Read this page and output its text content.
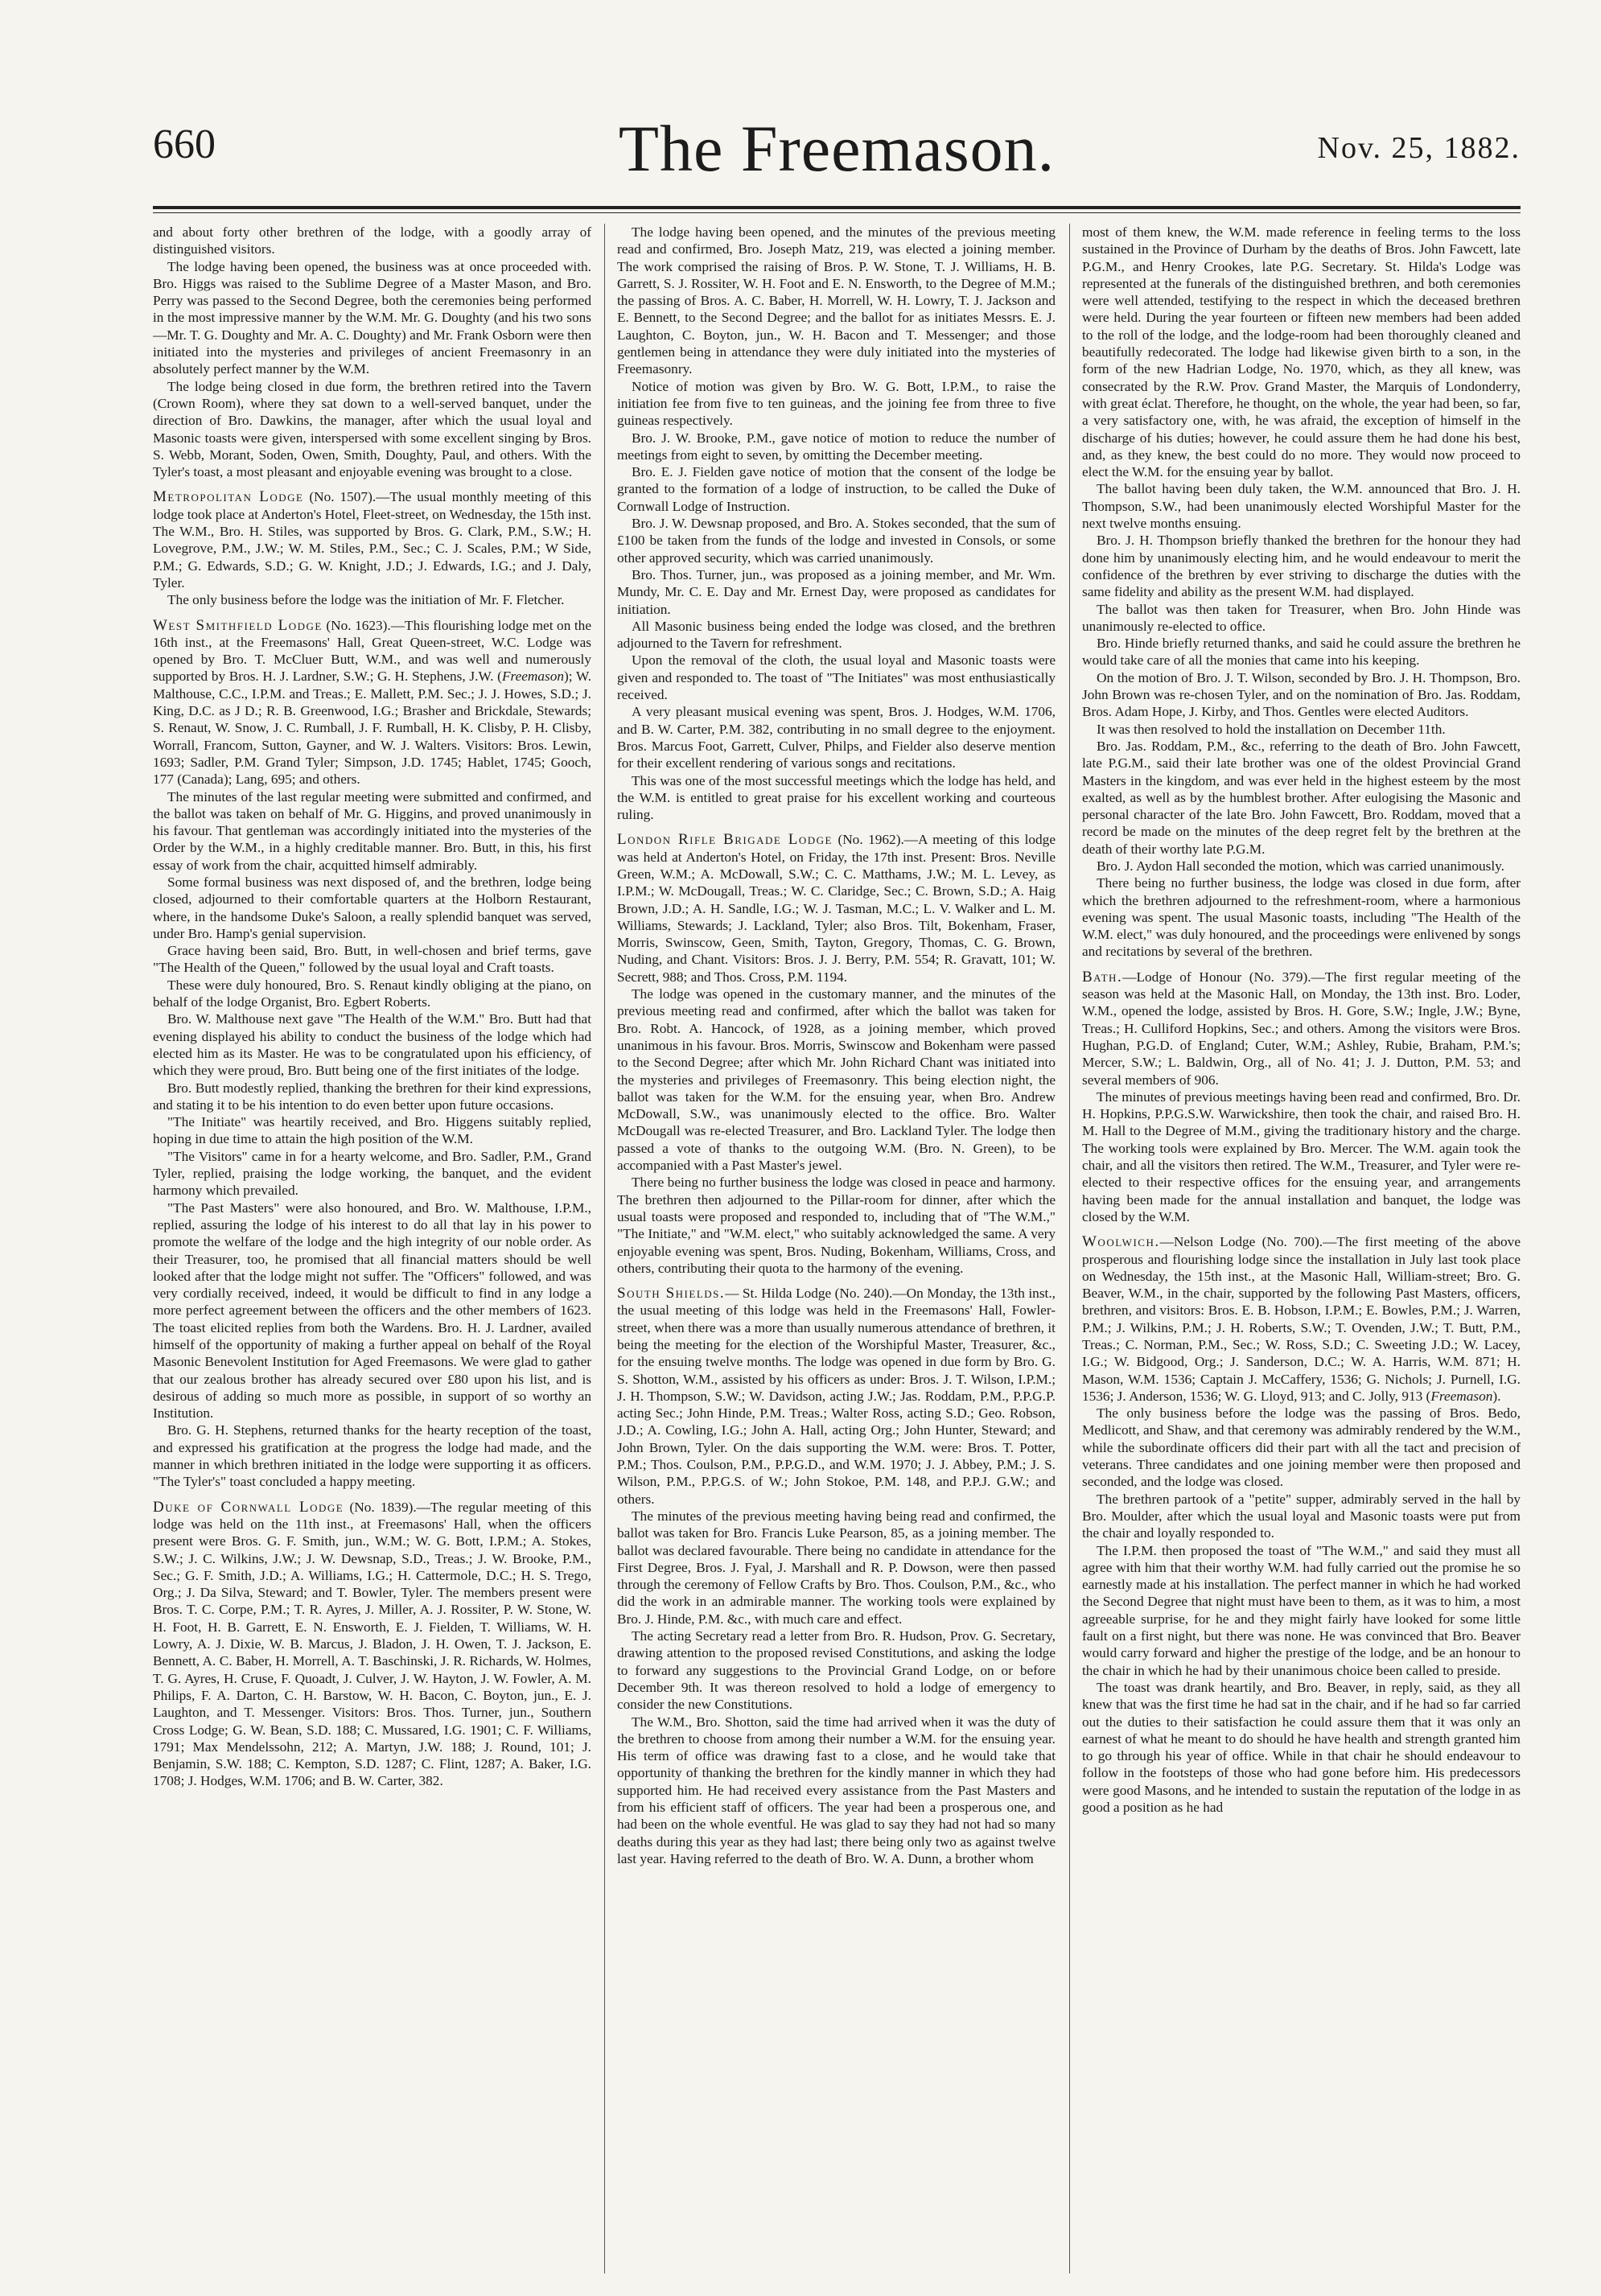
660	The Freemason.	Nov. 25, 1882.

and about forty other brethren of the lodge, with a goodly array of distinguished visitors.

The lodge having been opened, the business was at once proceeded with. Bro. Higgs was raised to the Sublime Degree of a Master Mason, and Bro. Perry was passed to the Second Degree, both the ceremonies being performed in the most impressive manner by the W.M. Mr. G. Doughty (and his two sons—Mr. T. G. Doughty and Mr. A. C. Doughty) and Mr. Frank Osborn were then initiated into the mysteries and privileges of ancient Freemasonry in an absolutely perfect manner by the W.M.

The lodge being closed in due form, the brethren retired into the Tavern (Crown Room), where they sat down to a well-served banquet, under the direction of Bro. Dawkins, the manager, after which the usual loyal and Masonic toasts were given, interspersed with some excellent singing by Bros. S. Webb, Morant, Soden, Owen, Smith, Doughty, Paul, and others. With the Tyler's toast, a most pleasant and enjoyable evening was brought to a close.

Metropolitan Lodge (No. 1507).—The usual monthly meeting of this lodge took place at Anderton's Hotel, Fleet-street, on Wednesday, the 15th inst. The W.M., Bro. H. Stiles, was supported by Bros. G. Clark, P.M., S.W.; H. Lovegrove, P.M., J.W.; W. M. Stiles, P.M., Sec.; C. J. Scales, P.M.; W Side, P.M.; G. Edwards, S.D.; G. W. Knight, J.D.; J. Edwards, I.G.; and J. Daly, Tyler.

The only business before the lodge was the initiation of Mr. F. Fletcher.

West Smithfield Lodge (No. 1623).—This flourishing lodge met on the 16th inst., at the Freemasons' Hall, Great Queen-street, W.C. Lodge was opened by Bro. T. McCluer Butt, W.M., and was well and numerously supported by Bros. H. J. Lardner, S.W.; G. H. Stephens, J.W. (Freemason); W. Malthouse, C.C., I.P.M. and Treas.; E. Mallett, P.M. Sec.; J. J. Howes, S.D.; J. King, D.C. as J D.; R. B. Greenwood, I.G.; Brasher and Brickdale, Stewards; S. Renaut, W. Snow, J. C. Rumball, J. F. Rumball, H. K. Clisby, P. H. Clisby, Worrall, Francom, Sutton, Gayner, and W. J. Walters. Visitors: Bros. Lewin, 1693; Sadler, P.M. Grand Tyler; Simpson, J.D. 1745; Hablet, 1745; Gooch, 177 (Canada); Lang, 695; and others.

The minutes of the last regular meeting were submitted and confirmed, and the ballot was taken on behalf of Mr. G. Higgins, and proved unanimously in his favour. That gentleman was accordingly initiated into the mysteries of the Order by the W.M., in a highly creditable manner. Bro. Butt, in this, his first essay of work from the chair, acquitted himself admirably.

Some formal business was next disposed of, and the brethren, lodge being closed, adjourned to their comfortable quarters at the Holborn Restaurant, where, in the handsome Duke's Saloon, a really splendid banquet was served, under Bro. Hamp's genial supervision.

Grace having been said, Bro. Butt, in well-chosen and brief terms, gave "The Health of the Queen," followed by the usual loyal and Craft toasts.

These were duly honoured, Bro. S. Renaut kindly obliging at the piano, on behalf of the lodge Organist, Bro. Egbert Roberts.

Bro. W. Malthouse next gave "The Health of the W.M." Bro. Butt had that evening displayed his ability to conduct the business of the lodge which had elected him as its Master. He was to be congratulated upon his efficiency, of which they were proud, Bro. Butt being one of the first initiates of the lodge.

Bro. Butt modestly replied, thanking the brethren for their kind expressions, and stating it to be his intention to do even better upon future occasions.

"The Initiate" was heartily received, and Bro. Higgens suitably replied, hoping in due time to attain the high position of the W.M.

"The Visitors" came in for a hearty welcome, and Bro. Sadler, P.M., Grand Tyler, replied, praising the lodge working, the banquet, and the evident harmony which prevailed.

"The Past Masters" were also honoured, and Bro. W. Malthouse, I.P.M., replied, assuring the lodge of his interest to do all that lay in his power to promote the welfare of the lodge and the high integrity of our noble order. As their Treasurer, too, he promised that all financial matters should be well looked after that the lodge might not suffer. The "Officers" followed, and was very cordially received, indeed, it would be difficult to find in any lodge a more perfect agreement between the officers and the other members of 1623. The toast elicited replies from both the Wardens. Bro. H. J. Lardner, availed himself of the opportunity of making a further appeal on behalf of the Royal Masonic Benevolent Institution for Aged Freemasons. We were glad to gather that our zealous brother has already secured over £80 upon his list, and is desirous of adding so much more as possible, in support of so worthy an Institution.

Bro. G. H. Stephens, returned thanks for the hearty reception of the toast, and expressed his gratification at the progress the lodge had made, and the manner in which brethren initiated in the lodge were supporting it as officers. "The Tyler's" toast concluded a happy meeting.

Duke of Cornwall Lodge (No. 1839).—The regular meeting of this lodge was held on the 11th inst., at Freemasons' Hall, when the officers present were Bros. G. F. Smith, jun., W.M.; W. G. Bott, I.P.M.; A. Stokes, S.W.; J. C. Wilkins, J.W.; J. W. Dewsnap, S.D., Treas.; J. W. Brooke, P.M., Sec.; G. F. Smith, J.D.; A. Williams, I.G.; H. Cattermole, D.C.; H. S. Trego, Org.; J. Da Silva, Steward; and T. Bowler, Tyler. The members present were Bros. T. C. Corpe, P.M.; T. R. Ayres, J. Miller, A. J. Rossiter, P. W. Stone, W. H. Foot, H. B. Garrett, E. N. Ensworth, E. J. Fielden, T. Williams, W. H. Lowry, A. J. Dixie, W. B. Marcus, J. Bladon, J. H. Owen, T. J. Jackson, E. Bennett, A. C. Baber, H. Morrell, A. T. Baschinski, J. R. Richards, W. Holmes, T. G. Ayres, H. Cruse, F. Quoadt, J. Culver, J. W. Hayton, J. W. Fowler, A. M. Philips, F. A. Darton, C. H. Barstow, W. H. Bacon, C. Boyton, jun., E. J. Laughton, and T. Messenger. Visitors: Bros. Thos. Turner, jun., Southern Cross Lodge; G. W. Bean, S.D. 188; C. Mussared, I.G. 1901; C. F. Williams, 1791; Max Mendelssohn, 212; A. Martyn, J.W. 188; J. Round, 101; J. Benjamin, S.W. 188; C. Kempton, S.D. 1287; C. Flint, 1287; A. Baker, I.G. 1708; J. Hodges, W.M. 1706; and B. W. Carter, 382.

The lodge having been opened, and the minutes of the previous meeting read and confirmed, Bro. Joseph Matz, 219, was elected a joining member. The work comprised the raising of Bros. P. W. Stone, T. J. Williams, H. B. Garrett, S. J. Rossiter, W. H. Foot and E. N. Ensworth, to the Degree of M.M.; the passing of Bros. A. C. Baber, H. Morrell, W. H. Lowry, T. J. Jackson and E. Bennett, to the Second Degree; and the ballot for as initiates Messrs. E. J. Laughton, C. Boyton, jun., W. H. Bacon and T. Messenger; and those gentlemen being in attendance they were duly initiated into the mysteries of Freemasonry.

Notice of motion was given by Bro. W. G. Bott, I.P.M., to raise the initiation fee from five to ten guineas, and the joining fee from three to five guineas respectively.

Bro. J. W. Brooke, P.M., gave notice of motion to reduce the number of meetings from eight to seven, by omitting the December meeting.

Bro. E. J. Fielden gave notice of motion that the consent of the lodge be granted to the formation of a lodge of instruction, to be called the Duke of Cornwall Lodge of Instruction.

Bro. J. W. Dewsnap proposed, and Bro. A. Stokes seconded, that the sum of £100 be taken from the funds of the lodge and invested in Consols, or some other approved security, which was carried unanimously.

Bro. Thos. Turner, jun., was proposed as a joining member, and Mr. Wm. Mundy, Mr. C. E. Day and Mr. Ernest Day, were proposed as candidates for initiation.

All Masonic business being ended the lodge was closed, and the brethren adjourned to the Tavern for refreshment.

Upon the removal of the cloth, the usual loyal and Masonic toasts were given and responded to. The toast of "The Initiates" was most enthusiastically received.

A very pleasant musical evening was spent, Bros. J. Hodges, W.M. 1706, and B. W. Carter, P.M. 382, contributing in no small degree to the enjoyment. Bros. Marcus Foot, Garrett, Culver, Philps, and Fielder also deserve mention for their excellent rendering of various songs and recitations.

This was one of the most successful meetings which the lodge has held, and the W.M. is entitled to great praise for his excellent working and courteous ruling.

London Rifle Brigade Lodge (No. 1962).—A meeting of this lodge was held at Anderton's Hotel, on Friday, the 17th inst. Present: Bros. Neville Green, W.M.; A. McDowall, S.W.; C. C. Matthams, J.W.; M. L. Levey, as I.P.M.; W. McDougall, Treas.; W. C. Claridge, Sec.; C. Brown, S.D.; A. Haig Brown, J.D.; A. H. Sandle, I.G.; W. J. Tasman, M.C.; L. V. Walker and L. M. Williams, Stewards; J. Lackland, Tyler; also Bros. Tilt, Bokenham, Fraser, Morris, Swinscow, Geen, Smith, Tayton, Gregory, Thomas, C. G. Brown, Nuding, and Chant. Visitors: Bros. J. J. Berry, P.M. 554; R. Gravatt, 101; W. Secrett, 988; and Thos. Cross, P.M. 1194.

The lodge was opened in the customary manner, and the minutes of the previous meeting read and confirmed, after which the ballot was taken for Bro. Robt. A. Hancock, of 1928, as a joining member, which proved unanimous in his favour. Bros. Morris, Swinscow and Bokenham were passed to the Second Degree; after which Mr. John Richard Chant was initiated into the mysteries and privileges of Freemasonry. This being election night, the ballot was taken for the W.M. for the ensuing year, when Bro. Andrew McDowall, S.W., was unanimously elected to the office. Bro. Walter McDougall was re-elected Treasurer, and Bro. Lackland Tyler. The lodge then passed a vote of thanks to the outgoing W.M. (Bro. N. Green), to be accompanied with a Past Master's jewel.

There being no further business the lodge was closed in peace and harmony. The brethren then adjourned to the Pillar-room for dinner, after which the usual toasts were proposed and responded to, including that of "The W.M.," "The Initiate," and "W.M. elect," who suitably acknowledged the same. A very enjoyable evening was spent, Bros. Nuding, Bokenham, Williams, Cross, and others, contributing their quota to the harmony of the evening.

South Shields.— St. Hilda Lodge (No. 240).—On Monday, the 13th inst., the usual meeting of this lodge was held in the Freemasons' Hall, Fowler-street, when there was a more than usually numerous attendance of brethren, it being the meeting for the election of the Worshipful Master, Treasurer, &c., for the ensuing twelve months. The lodge was opened in due form by Bro. G. S. Shotton, W.M., assisted by his officers as under: Bros. J. T. Wilson, I.P.M.; J. H. Thompson, S.W.; W. Davidson, acting J.W.; Jas. Roddam, P.M., P.P.G.P. acting Sec.; John Hinde, P.M. Treas.; Walter Ross, acting S.D.; Geo. Robson, J.D.; A. Cowling, I.G.; John A. Hall, acting Org.; John Hunter, Steward; and John Brown, Tyler. On the dais supporting the W.M. were: Bros. T. Potter, P.M.; Thos. Coulson, P.M., P.P.G.D., and W.M. 1970; J. J. Abbey, P.M.; J. S. Wilson, P.M., P.P.G.S. of W.; John Stokoe, P.M. 148, and P.P.J. G.W.; and others.

The minutes of the previous meeting having being read and confirmed, the ballot was taken for Bro. Francis Luke Pearson, 85, as a joining member. The ballot was declared favourable. There being no candidate in attendance for the First Degree, Bros. J. Fyal, J. Marshall and R. P. Dowson, were then passed through the ceremony of Fellow Crafts by Bro. Thos. Coulson, P.M., &c., who did the work in an admirable manner. The working tools were explained by Bro. J. Hinde, P.M. &c., with much care and effect.

The acting Secretary read a letter from Bro. R. Hudson, Prov. G. Secretary, drawing attention to the proposed revised Constitutions, and asking the lodge to forward any suggestions to the Provincial Grand Lodge, on or before December 9th. It was thereon resolved to hold a lodge of emergency to consider the new Constitutions.

The W.M., Bro. Shotton, said the time had arrived when it was the duty of the brethren to choose from among their number a W.M. for the ensuing year. His term of office was drawing fast to a close, and he would take that opportunity of thanking the brethren for the kindly manner in which they had supported him. He had received every assistance from the Past Masters and from his efficient staff of officers. The year had been a prosperous one, and had been on the whole eventful. He was glad to say they had not had so many deaths during this year as they had last; there being only two as against twelve last year. Having referred to the death of Bro. W. A. Dunn, a brother whom

most of them knew, the W.M. made reference in feeling terms to the loss sustained in the Province of Durham by the deaths of Bros. John Fawcett, late P.G.M., and Henry Crookes, late P.G. Secretary. St. Hilda's Lodge was represented at the funerals of the distinguished brethren, and both ceremonies were well attended, testifying to the respect in which the deceased brethren were held. During the year fourteen or fifteen new members had been added to the roll of the lodge, and the lodge-room had been thoroughly cleaned and beautifully redecorated. The lodge had likewise given birth to a son, in the form of the new Hadrian Lodge, No. 1970, which, as they all knew, was consecrated by the R.W. Prov. Grand Master, the Marquis of Londonderry, with great éclat. Therefore, he thought, on the whole, the year had been, so far, a very satisfactory one, with, he was afraid, the exception of himself in the discharge of his duties; however, he could assure them he had done his best, and, as they knew, the best could do no more. They would now proceed to elect the W.M. for the ensuing year by ballot.

The ballot having been duly taken, the W.M. announced that Bro. J. H. Thompson, S.W., had been unanimously elected Worshipful Master for the next twelve months ensuing.

Bro. J. H. Thompson briefly thanked the brethren for the honour they had done him by unanimously electing him, and he would endeavour to merit the confidence of the brethren by ever striving to discharge the duties with the same fidelity and ability as the present W.M. had displayed.

The ballot was then taken for Treasurer, when Bro. John Hinde was unanimously re-elected to office.

Bro. Hinde briefly returned thanks, and said he could assure the brethren he would take care of all the monies that came into his keeping.

On the motion of Bro. J. T. Wilson, seconded by Bro. J. H. Thompson, Bro. John Brown was re-chosen Tyler, and on the nomination of Bro. Jas. Roddam, Bros. Adam Hope, J. Kirby, and Thos. Gentles were elected Auditors.

It was then resolved to hold the installation on December 11th.

Bro. Jas. Roddam, P.M., &c., referring to the death of Bro. John Fawcett, late P.G.M., said their late brother was one of the oldest Provincial Grand Masters in the kingdom, and was ever held in the highest esteem by the most exalted, as well as by the humblest brother. After eulogising the Masonic and personal character of the late Bro. John Fawcett, Bro. Roddam, moved that a record be made on the minutes of the deep regret felt by the brethren at the death of their worthy late P.G.M.

Bro. J. Aydon Hall seconded the motion, which was carried unanimously.

There being no further business, the lodge was closed in due form, after which the brethren adjourned to the refreshment-room, where a harmonious evening was spent. The usual Masonic toasts, including "The Health of the W.M. elect," was duly honoured, and the proceedings were enlivened by songs and recitations by several of the brethren.

Bath.—Lodge of Honour (No. 379).—The first regular meeting of the season was held at the Masonic Hall, on Monday, the 13th inst. Bro. Loder, W.M., opened the lodge, assisted by Bros. H. Gore, S.W.; Ingle, J.W.; Byne, Treas.; H. Culliford Hopkins, Sec.; and others. Among the visitors were Bros. Hughan, P.G.D. of England; Cuter, W.M.; Ashley, Rubie, Braham, P.M.'s; Mercer, S.W.; L. Baldwin, Org., all of No. 41; J. J. Dutton, P.M. 53; and several members of 906.

The minutes of previous meetings having been read and confirmed, Bro. Dr. H. Hopkins, P.P.G.S.W. Warwickshire, then took the chair, and raised Bro. H. M. Hall to the Degree of M.M., giving the traditionary history and the charge. The working tools were explained by Bro. Mercer. The W.M. again took the chair, and all the visitors then retired. The W.M., Treasurer, and Tyler were re-elected to their respective offices for the ensuing year, and arrangements having been made for the annual installation and banquet, the lodge was closed by the W.M.

Woolwich.—Nelson Lodge (No. 700).—The first meeting of the above prosperous and flourishing lodge since the installation in July last took place on Wednesday, the 15th inst., at the Masonic Hall, William-street; Bro. G. Beaver, W.M., in the chair, supported by the following Past Masters, officers, brethren, and visitors: Bros. E. B. Hobson, I.P.M.; E. Bowles, P.M.; J. Warren, P.M.; J. Wilkins, P.M.; J. H. Roberts, S.W.; T. Ovenden, J.W.; T. Butt, P.M., Treas.; C. Norman, P.M., Sec.; W. Ross, S.D.; C. Sweeting J.D.; W. Lacey, I.G.; W. Bidgood, Org.; J. Sanderson, D.C.; W. A. Harris, W.M. 871; H. Mason, W.M. 1536; Captain J. McCaffery, 1536; G. Nichols; J. Purnell, I.G. 1536; J. Anderson, 1536; W. G. Lloyd, 913; and C. Jolly, 913 (Freemason).

The only business before the lodge was the passing of Bros. Bedo, Medlicott, and Shaw, and that ceremony was admirably rendered by the W.M., while the subordinate officers did their part with all the tact and precision of veterans. Three candidates and one joining member were then proposed and seconded, and the lodge was closed.

The brethren partook of a "petite" supper, admirably served in the hall by Bro. Moulder, after which the usual loyal and Masonic toasts were put from the chair and loyally responded to.

The I.P.M. then proposed the toast of "The W.M.," and said they must all agree with him that their worthy W.M. had fully carried out the promise he so earnestly made at his installation. The perfect manner in which he had worked the Second Degree that night must have been to them, as it was to him, a most agreeable surprise, for he and they might fairly have looked for some little fault on a first night, but there was none. He was convinced that Bro. Beaver would carry forward and higher the prestige of the lodge, and be an honour to the chair in which he had by their unanimous choice been called to preside.

The toast was drank heartily, and Bro. Beaver, in reply, said, as they all knew that was the first time he had sat in the chair, and if he had so far carried out the duties to their satisfaction he could assure them that it was only an earnest of what he meant to do should he have health and strength granted him to go through his year of office. While in that chair he should endeavour to follow in the footsteps of those who had gone before him. His predecessors were good Masons, and he intended to sustain the reputation of the lodge in as good a position as he had
